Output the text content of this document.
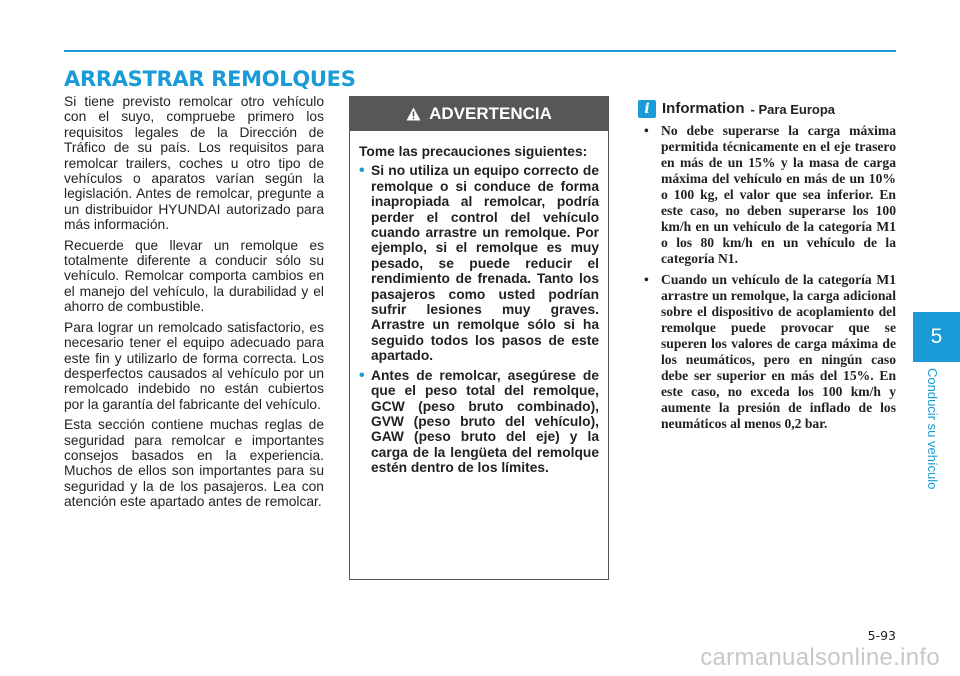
ARRASTRAR REMOLQUES

Si tiene previsto remolcar otro vehículo con el suyo, compruebe primero los requisitos legales de la Dirección de Tráfico de su país. Los requisitos para remolcar trailers, coches u otro tipo de vehículos o aparatos varían según la legislación. Antes de remolcar, pregunte a un distribuidor HYUNDAI autorizado para más información.

Recuerde que llevar un remolque es totalmente diferente a conducir sólo su vehículo. Remolcar comporta cambios en el manejo del vehículo, la durabilidad y el ahorro de combustible.

Para lograr un remolcado satisfactorio, es necesario tener el equipo adecuado para este fin y utilizarlo de forma correcta. Los desperfectos causados al vehículo por un remolcado indebido no están cubiertos por la garantía del fabricante del vehículo.

Esta sección contiene muchas reglas de seguridad para remolcar e importantes consejos basados en la experiencia. Muchos de ellos son importantes para su seguridad y la de los pasajeros. Lea con atención este apartado antes de remolcar.

ADVERTENCIA

Tome las precauciones siguientes:

• Si no utiliza un equipo correcto de remolque o si conduce de forma inapropiada al remolcar, podría perder el control del vehículo cuando arrastre un remolque. Por ejemplo, si el remolque es muy pesado, se puede reducir el rendimiento de frenada. Tanto los pasajeros como usted podrían sufrir lesiones muy graves. Arrastre un remolque sólo si ha seguido todos los pasos de este apartado.
• Antes de remolcar, asegúrese de que el peso total del remolque, GCW (peso bruto combinado), GVW (peso bruto del vehículo), GAW (peso bruto del eje) y la carga de la lengüeta del remolque estén dentro de los límites.
i Information - Para Europa
• No debe superarse la carga máxima permitida técnicamente en el eje trasero en más de un 15% y la masa de carga máxima del vehículo en más de un 10% o 100 kg, el valor que sea inferior. En este caso, no deben superarse los 100 km/h en un vehículo de la categoría M1 o los 80 km/h en un vehículo de la categoría N1.
• Cuando un vehículo de la categoría M1 arrastre un remolque, la carga adicional sobre el dispositivo de acoplamiento del remolque puede provocar que se superen los valores de carga máxima de los neumáticos, pero en ningún caso debe ser superior en más del 15%. En este caso, no exceda los 100 km/h y aumente la presión de inflado de los neumáticos al menos 0,2 bar.
5
Conducir su vehículo
5-93
carmanualsonline.info
